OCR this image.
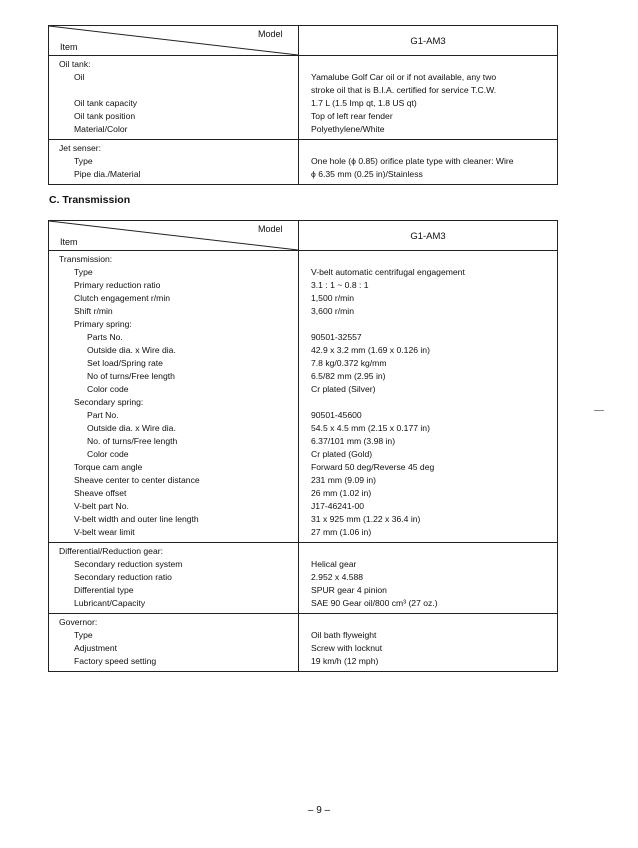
Model
Item	G1-AM3
Oil tank:
Oil	Yamalube Golf Car oil or if not available, any two
stroke oil that is B.I.A. certified for service T.C.W.
Oil tank capacity	1.7 L (1.5 Imp qt, 1.8 US qt)
Oil tank position	Top of left rear fender
Material/Color	Polyethylene/White
Jet senser:
Type	One hole (ϕ 0.85) orifice plate type with cleaner: Wire
Pipe dia./Material	ϕ 6.35 mm (0.25 in)/Stainless
C. Transmission
Model
Item	G1-AM3
Transmission:
Type	V-belt automatic centrifugal engagement
Primary reduction ratio	3.1 : 1 ~ 0.8 : 1
Clutch engagement r/min	1,500 r/min
Shift r/min	3,600 r/min
Primary spring:
Parts No.	90501-32557
Outside dia. x Wire dia.	42.9 x 3.2 mm (1.69 x 0.126 in)
Set load/Spring rate	7.8 kg/0.372 kg/mm
No of turns/Free length	6.5/82 mm (2.95 in)
Color code	Cr plated (Silver)
Secondary spring:
Part No.	90501-45600
Outside dia. x Wire dia.	54.5 x 4.5 mm (2.15 x 0.177 in)
No. of turns/Free length	6.37/101 mm (3.98 in)
Color code	Cr plated (Gold)
Torque cam angle	Forward 50 deg/Reverse 45 deg
Sheave center to center distance	231 mm (9.09 in)
Sheave offset	26 mm (1.02 in)
V-belt part No.	J17-46241-00
V-belt width and outer line length	31 x 925 mm (1.22 x 36.4 in)
V-belt wear limit	27 mm (1.06 in)
Differential/Reduction gear:
Secondary reduction system	Helical gear
Secondary reduction ratio	2.952 x 4.588
Differential type	SPUR gear 4 pinion
Lubricant/Capacity	SAE 90 Gear oil/800 cm³ (27 oz.)
Governor:
Type	Oil bath flyweight
Adjustment	Screw with locknut
Factory speed setting	19 km/h (12 mph)
– 9 –
